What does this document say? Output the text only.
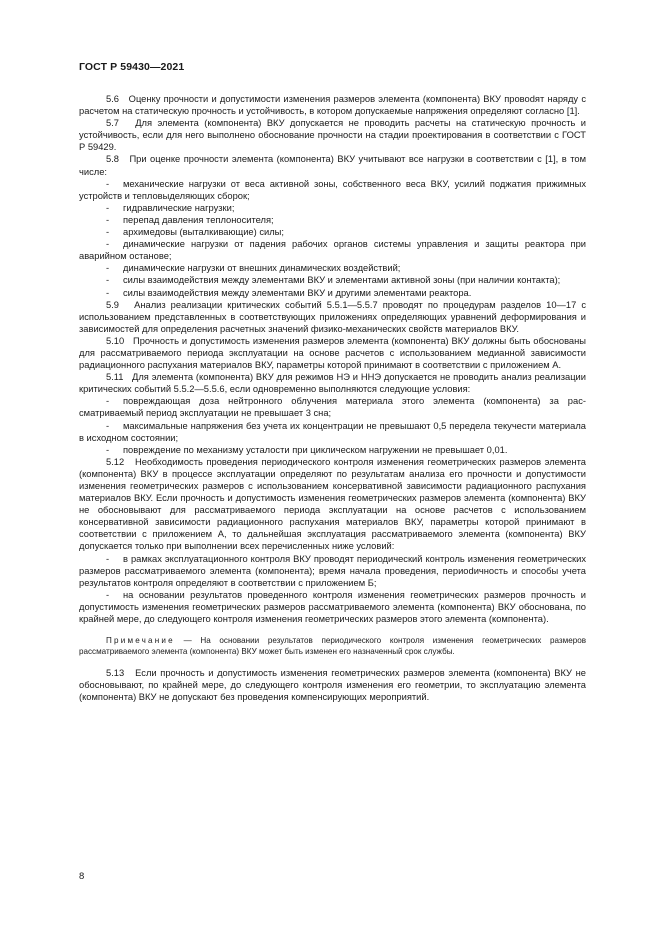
ГОСТ Р 59430—2021

5.6 Оценку прочности и допустимости изменения размеров элемента (компонента) ВКУ провоdят наряду с расчетом на статическую прочность и устойчивость, в котором допускаемые напряжения определяют согласно [1].

5.7 Для элемента (компонента) ВКУ допускается не проводить расчеты на статическую прочность и устойчивость, если для него выполнено обоснование прочности на стадии проектирования в соответствии с ГОСТ Р 59429.

5.8 При оценке прочности элемента (компонента) ВКУ учитывают все нагрузки в соответствии с [1], в том числе:

- механические нагрузки от веса активной зоны, собственного веса ВКУ, усилий поджатия прижимных устройств и тепловыделяющих сборок;

- гидравлические нагрузки;

- перепад давления теплоносителя;

- архимедовы (выталкивающие) силы;

- динамические нагрузки от падения рабочих органов системы управления и защиты реактора при аварийном останове;

- динамические нагрузки от внешних динамических воздействий;

- силы взаимодействия между элементами ВКУ и элементами активной зоны (при наличии контакта);

- силы взаимодействия между элементами ВКУ и другими элементами реактора.

5.9 Анализ реализации критических событий 5.5.1—5.5.7 проводят по процедурам разделов 10—17 с использованием представленных в соответствующих приложениях определяющих уравнений деформирования и зависимостей для определения расчетных значений физико-механических свойств материалов ВКУ.

5.10 Прочность и допустимость изменения размеров элемента (компонента) ВКУ должны быть обоснованы для рассматриваемого периода эксплуатации на основе расчетов с использованием медианной зависимости радиационного распухания материалов ВКУ, параметры которой принимают в соответствии с приложением А.

5.11 Для элемента (компонента) ВКУ для режимов НЭ и ННЭ допускается не проводить анализ реализации критических событий 5.5.2—5.5.6, если одновременно выполняются следующие условия:

- повреждающая доза нейтронного облучения материала этого элемента (компонента) за рассматриваемый период эксплуатации не превышает 3 сна;

- максимальные напряжения без учета их концентрации не превышают 0,5 передела текучести материала в исходном состоянии;

- повреждение по механизму усталости при циклическом нагружении не превышает 0,01.

5.12 Необходимость проведения периодического контроля изменения геометрических размеров элемента (компонента) ВКУ в процессе эксплуатации определяют по результатам анализа его прочности и допустимости изменения геометрических размеров с использованием консервативной зависимости радиационного распухания материалов ВКУ. Если прочность и допустимость изменения геометрических размеров элемента (компонента) ВКУ не обосновывают для рассматриваемого периода эксплуатации на основе расчетов с использованием консервативной зависимости радиационного распухания материалов ВКУ, параметры которой принимают в соответствии с приложением А, то дальнейшая эксплуатация рассматриваемого элемента (компонента) ВКУ допускается только при выполнении всех перечисленных ниже условий:

- в рамках эксплуатационного контроля ВКУ проводят периодический контроль изменения геометрических размеров рассматриваемого элемента (компонента); время начала проведения, периоdичность и способы учета результатов контроля определяют в соответствии с приложением Б;

- на основании результатов проведенного контроля изменения геометрических размеров прочность и допустимость изменения геометрических размеров рассматриваемого элемента (компонента) ВКУ обоснована, по крайней мере, до следующего контроля изменения геометрических размеров этого элемента (компонента).

Примечание — На основании результатов периодического контроля изменения геометрических размеров рассматриваемого элемента (компонента) ВКУ может быть изменен его назначенный срок службы.

5.13 Если прочность и допустимость изменения геометрических размеров элемента (компонента) ВКУ не обосновывают, по крайней мере, до следующего контроля изменения его геометрии, то эксплуатацию элемента (компонента) ВКУ не допускают без проведения компенсирующих мероприятий.

8
